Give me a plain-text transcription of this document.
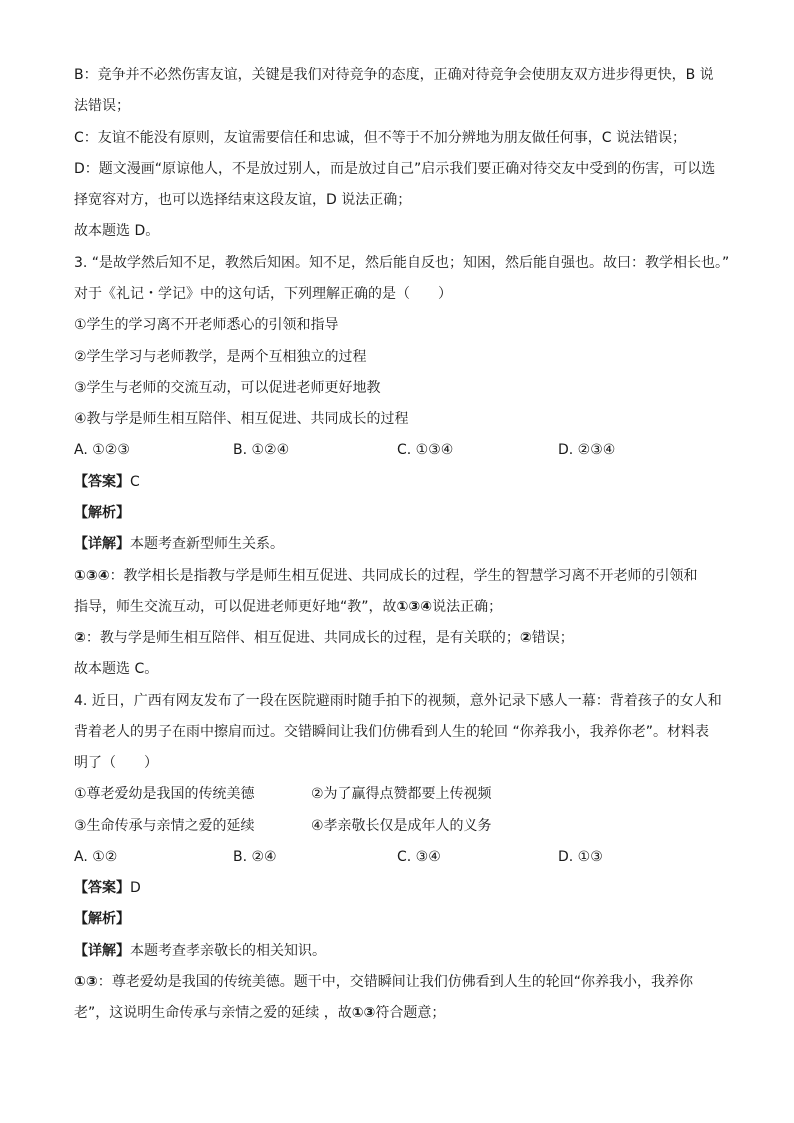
B：竞争并不必然伤害友谊，关键是我们对待竞争的态度，正确对待竞争会使朋友双方进步得更快，B 说
法错误；
C：友谊不能没有原则，友谊需要信任和忠诚，但不等于不加分辨地为朋友做任何事，C 说法错误；
D：题文漫画“原谅他人，不是放过别人，而是放过自己”启示我们要正确对待交友中受到的伤害，可以选
择宽容对方，也可以选择结束这段友谊，D 说法正确；
故本题选 D。
3. “是故学然后知不足，教然后知困。知不足，然后能自反也；知困，然后能自强也。故曰：教学相长也。”
对于《礼记・学记》中的这句话，下列理解正确的是（　　）
①学生的学习离不开老师悉心的引领和指导
②学生学习与老师教学，是两个互相独立的过程
③学生与老师的交流互动，可以促进老师更好地教
④教与学是师生相互陪伴、相互促进、共同成长的过程
A. ①②③	B. ①②④	C. ①③④	D. ②③④
【答案】C
【解析】
【详解】本题考查新型师生关系。
①③④：教学相长是指教与学是师生相互促进、共同成长的过程，学生的智慧学习离不开老师的引领和
指导，师生交流互动，可以促进老师更好地“教”，故①③④说法正确；
②：教与学是师生相互陪伴、相互促进、共同成长的过程，是有关联的；②错误；
故本题选 C。
4. 近日，广西有网友发布了一段在医院避雨时随手拍下的视频，意外记录下感人一幕：背着孩子的女人和
背着老人的男子在雨中擦肩而过。交错瞬间让我们仿佛看到人生的轮回 “你养我小，我养你老”。材料表
明了（　　）
①尊老爱幼是我国的传统美德	②为了赢得点赞都要上传视频
③生命传承与亲情之爱的延续	④孝亲敬长仅是成年人的义务
A. ①②	B. ②④	C. ③④	D. ①③
【答案】D
【解析】
【详解】本题考查孝亲敬长的相关知识。
①③：尊老爱幼是我国的传统美德。题干中，交错瞬间让我们仿佛看到人生的轮回“你养我小，我养你
老”，这说明生命传承与亲情之爱的延续 ，故①③符合题意；
